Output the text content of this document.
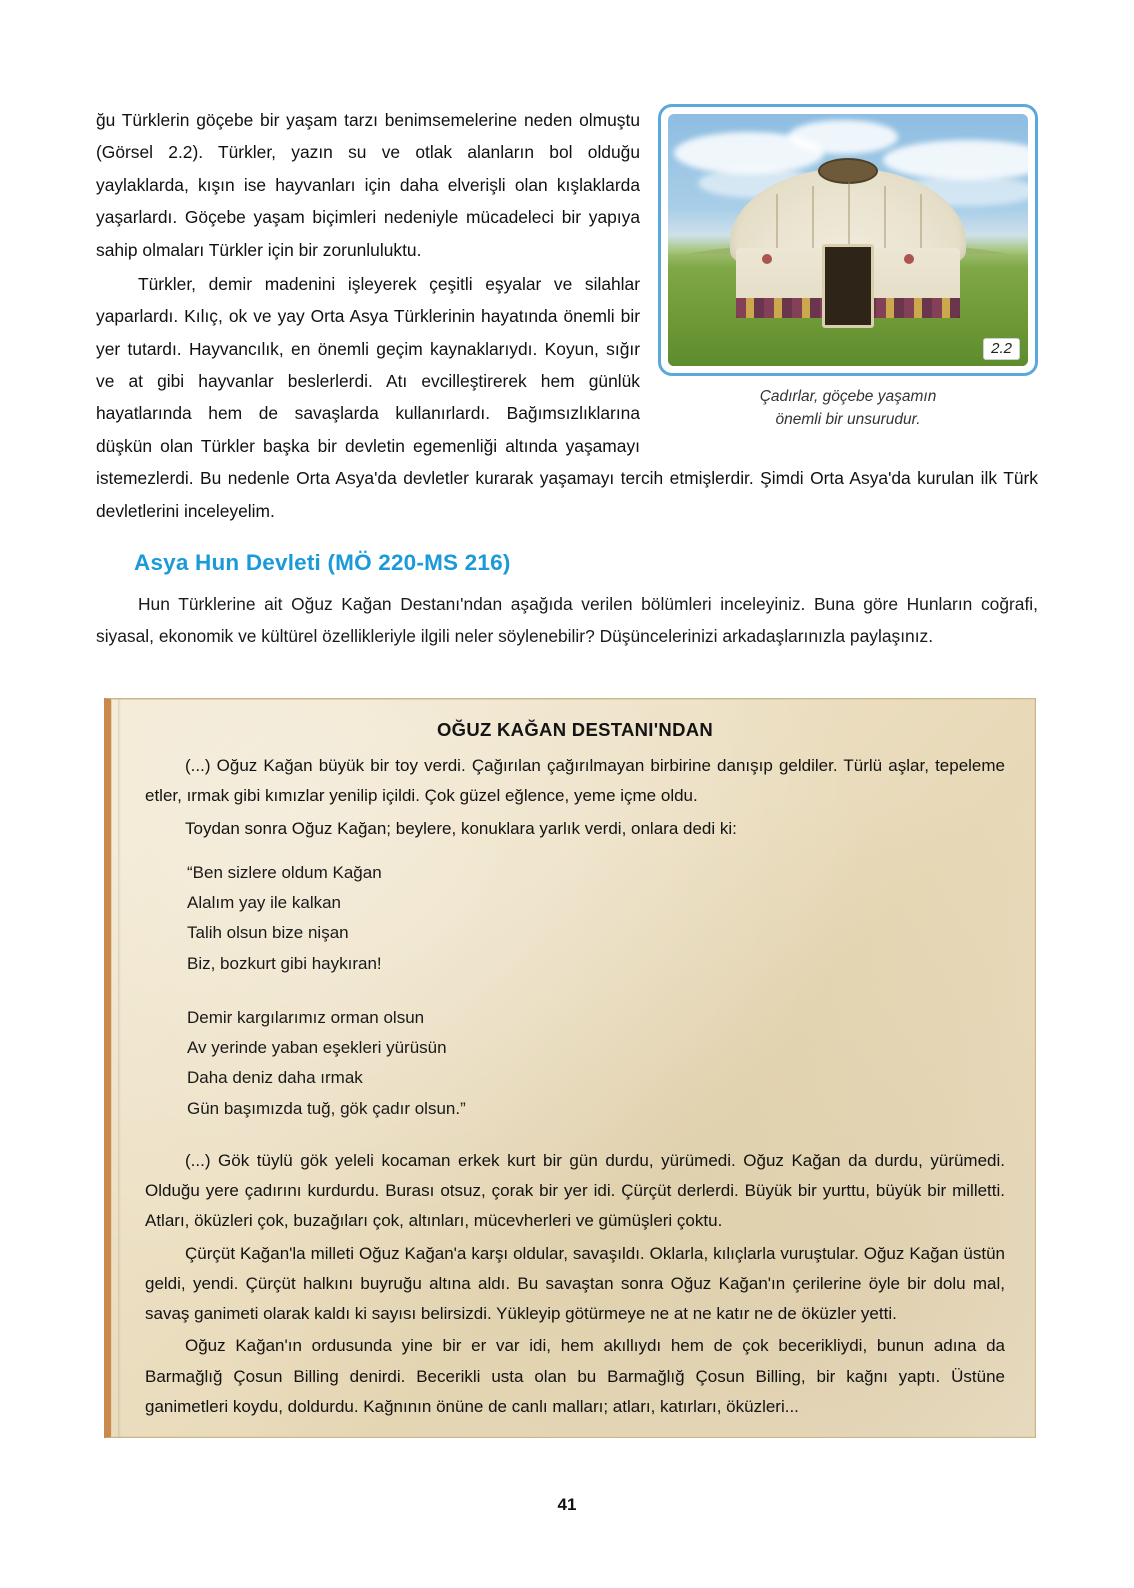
2.2
Çadırlar, göçebe yaşamın
önemli bir unsurudur.

ğu Türklerin göçebe bir yaşam tarzı benimsemelerine neden olmuştu (Görsel 2.2). Türkler, yazın su ve otlak alanların bol olduğu yaylaklarda, kışın ise hayvanları için daha elverişli olan kışlaklarda yaşarlardı. Göçebe yaşam biçimleri nedeniyle mücadeleci bir yapıya sahip olmaları Türkler için bir zorunluluktu.

Türkler, demir madenini işleyerek çeşitli eşyalar ve silahlar yaparlardı. Kılıç, ok ve yay Orta Asya Türklerinin hayatında önemli bir yer tutardı. Hayvancılık, en önemli geçim kaynaklarıydı. Koyun, sığır ve at gibi hayvanlar beslerlerdi. Atı evcilleştirerek hem günlük hayatlarında hem de savaşlarda kullanırlardı. Bağımsızlıklarına düşkün olan Türkler başka bir devletin egemenliği altında yaşamayı istemezlerdi. Bu nedenle Orta Asya'da devletler kurarak yaşamayı tercih etmişlerdir. Şimdi Orta Asya'da kurulan ilk Türk devletlerini inceleyelim.

Asya Hun Devleti (MÖ 220-MS 216)
Hun Türklerine ait Oğuz Kağan Destanı'ndan aşağıda verilen bölümleri inceleyiniz. Buna göre Hunların coğrafi, siyasal, ekonomik ve kültürel özellikleriyle ilgili neler söylenebilir? Düşüncelerinizi arkadaşlarınızla paylaşınız.
OĞUZ KAĞAN DESTANI'NDAN

(...) Oğuz Kağan büyük bir toy verdi. Çağırılan çağırılmayan birbirine danışıp geldiler. Türlü aşlar, tepeleme etler, ırmak gibi kımızlar yenilip içildi. Çok güzel eğlence, yeme içme oldu.

Toydan sonra Oğuz Kağan; beylere, konuklara yarlık verdi, onlara dedi ki:

“Ben sizlere oldum Kağan
Alalım yay ile kalkan
Talih olsun bize nişan
Biz, bozkurt gibi haykıran!
Demir kargılarımız orman olsun
Av yerinde yaban eşekleri yürüsün
Daha deniz daha ırmak
Gün başımızda tuğ, gök çadır olsun.”

(...) Gök tüylü gök yeleli kocaman erkek kurt bir gün durdu, yürümedi. Oğuz Kağan da durdu, yürümedi. Olduğu yere çadırını kurdurdu. Burası otsuz, çorak bir yer idi. Çürçüt derlerdi. Büyük bir yurttu, büyük bir milletti. Atları, öküzleri çok, buzağıları çok, altınları, mücevherleri ve gümüşleri çoktu.

Çürçüt Kağan'la milleti Oğuz Kağan'a karşı oldular, savaşıldı. Oklarla, kılıçlarla vuruştular. Oğuz Kağan üstün geldi, yendi. Çürçüt halkını buyruğu altına aldı. Bu savaştan sonra Oğuz Kağan'ın çerilerine öyle bir dolu mal, savaş ganimeti olarak kaldı ki sayısı belirsizdi. Yükleyip götürmeye ne at ne katır ne de öküzler yetti.

Oğuz Kağan'ın ordusunda yine bir er var idi, hem akıllıydı hem de çok becerikliydi, bunun adına da Barmağlığ Çosun Billing denirdi. Becerikli usta olan bu Barmağlığ Çosun Billing, bir kağnı yaptı. Üstüne ganimetleri koydu, doldurdu. Kağnının önüne de canlı malları; atları, katırları, öküzleri...

41
